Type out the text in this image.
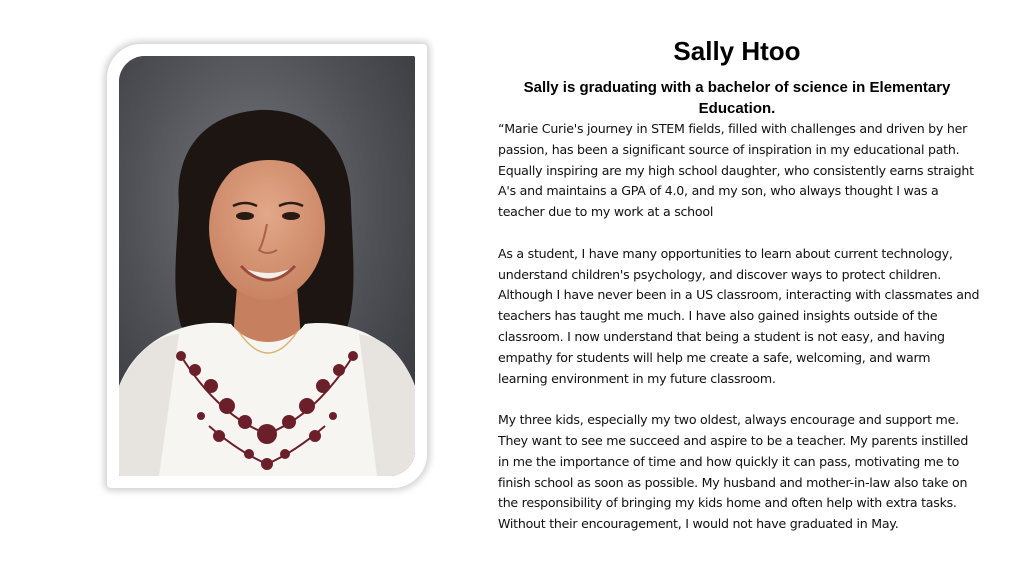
Sally Htoo

Sally is graduating with a bachelor of science in Elementary Education.

“Marie Curie's journey in STEM fields, filled with challenges and driven by her passion, has been a significant source of inspiration in my educational path. Equally inspiring are my high school daughter, who consistently earns straight A's and maintains a GPA of 4.0, and my son, who always thought I was a teacher due to my work at a school

As a student, I have many opportunities to learn about current technology, understand children's psychology, and discover ways to protect children. Although I have never been in a US classroom, interacting with classmates and teachers has taught me much. I have also gained insights outside of the classroom. I now understand that being a student is not easy, and having empathy for students will help me create a safe, welcoming, and warm learning environment in my future classroom.

My three kids, especially my two oldest, always encourage and support me. They want to see me succeed and aspire to be a teacher. My parents instilled in me the importance of time and how quickly it can pass, motivating me to finish school as soon as possible. My husband and mother-in-law also take on the responsibility of bringing my kids home and often help with extra tasks. Without their encouragement, I would not have graduated in May.
